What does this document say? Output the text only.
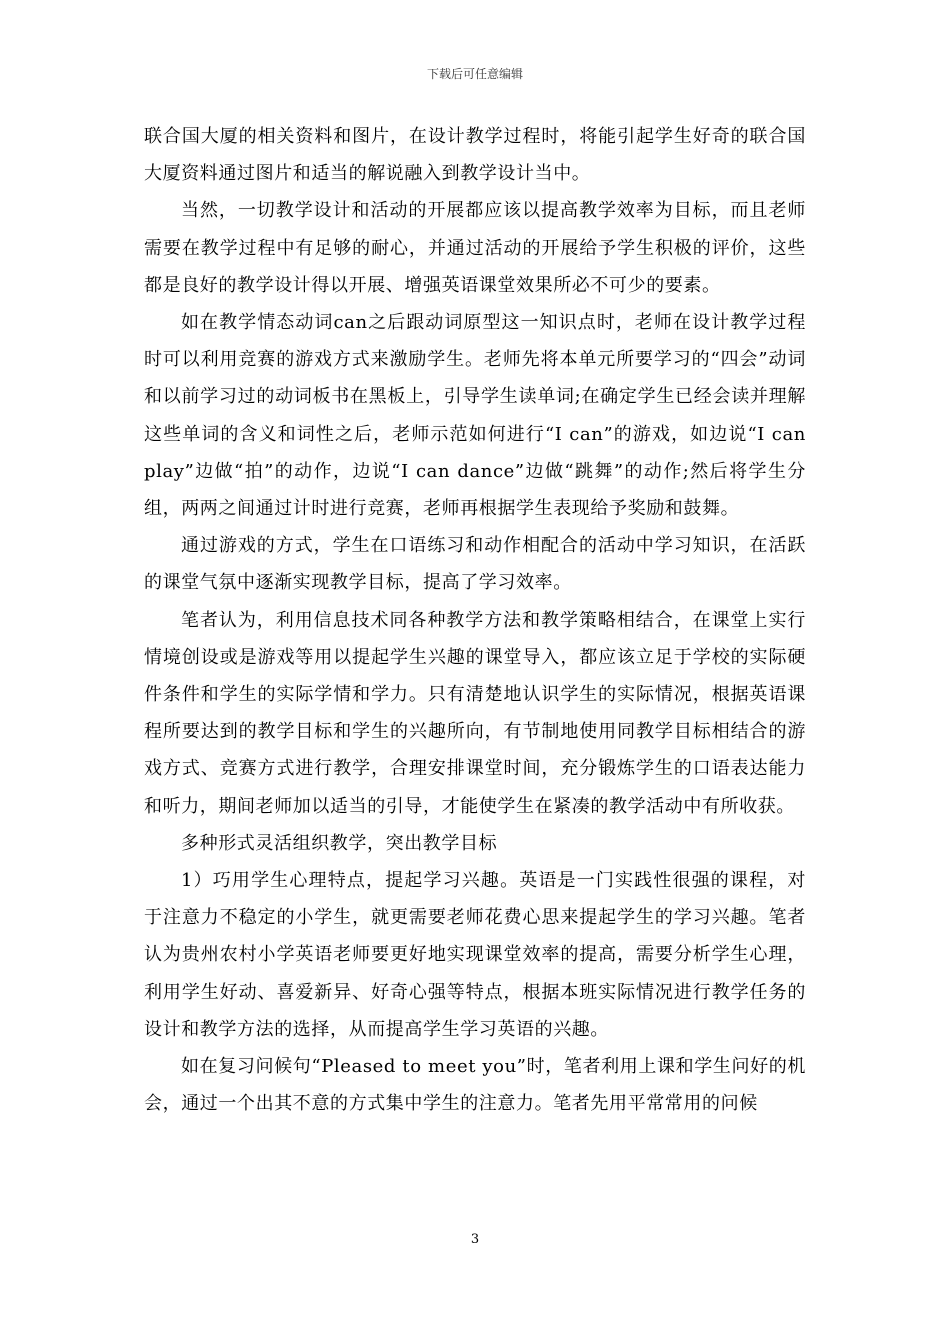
下载后可任意编辑

联合国大厦的相关资料和图片，在设计教学过程时，将能引起学生好奇的联合国大厦资料通过图片和适当的解说融入到教学设计当中。

当然，一切教学设计和活动的开展都应该以提高教学效率为目标，而且老师需要在教学过程中有足够的耐心，并通过活动的开展给予学生积极的评价，这些都是良好的教学设计得以开展、增强英语课堂效果所必不可少的要素。

如在教学情态动词can之后跟动词原型这一知识点时，老师在设计教学过程时可以利用竞赛的游戏方式来激励学生。老师先将本单元所要学习的“四会”动词和以前学习过的动词板书在黑板上，引导学生读单词;在确定学生已经会读并理解这些单词的含义和词性之后，老师示范如何进行“I can”的游戏，如边说“I can play”边做“拍”的动作，边说“I can dance”边做“跳舞”的动作;然后将学生分组，两两之间通过计时进行竞赛，老师再根据学生表现给予奖励和鼓舞。

通过游戏的方式，学生在口语练习和动作相配合的活动中学习知识，在活跃的课堂气氛中逐渐实现教学目标，提高了学习效率。

笔者认为，利用信息技术同各种教学方法和教学策略相结合，在课堂上实行情境创设或是游戏等用以提起学生兴趣的课堂导入，都应该立足于学校的实际硬件条件和学生的实际学情和学力。只有清楚地认识学生的实际情况，根据英语课程所要达到的教学目标和学生的兴趣所向，有节制地使用同教学目标相结合的游戏方式、竞赛方式进行教学，合理安排课堂时间，充分锻炼学生的口语表达能力和听力，期间老师加以适当的引导，才能使学生在紧凑的教学活动中有所收获。

多种形式灵活组织教学，突出教学目标

1）巧用学生心理特点，提起学习兴趣。英语是一门实践性很强的课程，对于注意力不稳定的小学生，就更需要老师花费心思来提起学生的学习兴趣。笔者认为贵州农村小学英语老师要更好地实现课堂效率的提高，需要分析学生心理，利用学生好动、喜爱新异、好奇心强等特点，根据本班实际情况进行教学任务的设计和教学方法的选择，从而提高学生学习英语的兴趣。

如在复习问候句“Pleased to meet you”时，笔者利用上课和学生问好的机会，通过一个出其不意的方式集中学生的注意力。笔者先用平常常用的问候

3
